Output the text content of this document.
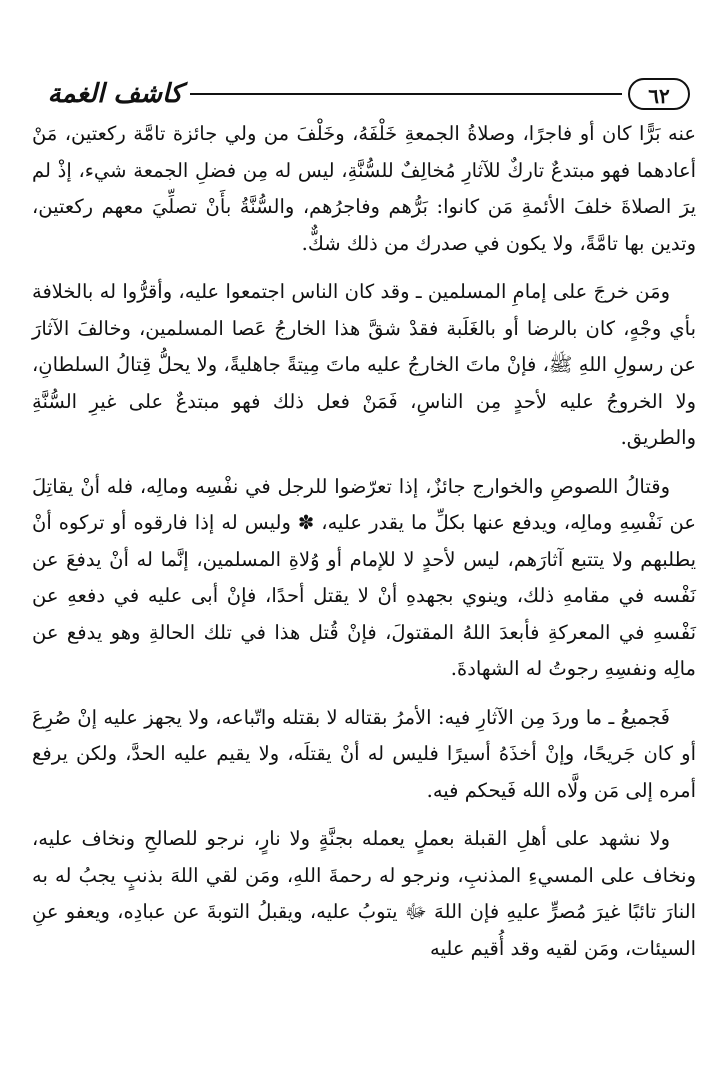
كاشف الغمة	٦٢

عنه بَرًّا كان أو فاجرًا، وصلاةُ الجمعةِ خَلْفَهُ، وخَلْفَ من ولي جائزة تامَّة ركعتين، مَنْ أعادهما فهو مبتدعٌ تاركٌ للآثارِ مُخالِفٌ للسُّنَّةِ، ليس له مِن فضلِ الجمعة شيء، إذْ لم يرَ الصلاةَ خلفَ الأئمةِ مَن كانوا: بَرُّهم وفاجرُهم، والسُّنَّةُ بأَنْ تصلِّيَ معهم ركعتين، وتدين بها تامَّةً، ولا يكون في صدرك من ذلك شكٌّ.

ومَن خرجَ على إمامِ المسلمين ـ وقد كان الناس اجتمعوا عليه، وأقرُّوا له بالخلافة بأي وجْهٍ، كان بالرضا أو بالغَلَبة فقدْ شقَّ هذا الخارجُ عَصا المسلمين، وخالفَ الآثارَ عن رسولِ اللهِ ﷺ، فإنْ ماتَ الخارجُ عليه ماتَ مِيتةً جاهليةً، ولا يحلُّ قِتالُ السلطانِ، ولا الخروجُ عليه لأحدٍ مِن الناسِ، فَمَنْ فعل ذلك فهو مبتدعٌ على غيرِ السُّنَّةِ والطريق.

وقتالُ اللصوصِ والخوارج جائزٌ، إذا تعرّضوا للرجل في نفْسِه ومالِه، فله أنْ يقاتِلَ عن نَفْسِهِ ومالِه، ويدفع عنها بكلِّ ما يقدر عليه، ✽ وليس له إذا فارقوه أو تركوه أنْ يطلبهم ولا يتتبع آثارَهم، ليس لأحدٍ لا للإمام أو وُلاةِ المسلمين، إنَّما له أنْ يدفعَ عن نَفْسه في مقامهِ ذلك، وينوي بجهدهِ أنْ لا يقتل أحدًا، فإنْ أبى عليه في دفعهِ عن نَفْسهِ في المعركةِ فأبعدَ اللهُ المقتولَ، فإنْ قُتل هذا في تلك الحالةِ وهو يدفع عن مالِه ونفسِهِ رجوتُ له الشهادةَ.

فَجميعُ ـ ما وردَ مِن الآثارِ فيه: الأمرُ بقتاله لا بقتله واتّباعه، ولا يجهز عليه إنْ صُرِعَ أو كان جَريحًا، وإنْ أخذَهُ أسيرًا فليس له أنْ يقتلَه، ولا يقيم عليه الحدَّ، ولكن يرفع أمره إلى مَن ولَّاه الله فَيحكم فيه.

ولا نشهد على أهلِ القبلة بعملٍ يعمله بجنَّةٍ ولا نارٍ، نرجو للصالحِ ونخاف عليه، ونخاف على المسيءِ المذنبِ، ونرجو له رحمةَ اللهِ، ومَن لقي اللهَ بذنبٍ يجبُ له به النارَ تائبًا غيرَ مُصرٍّ عليهِ فإن اللهَ ﷻ يتوبُ عليه، ويقبلُ التوبةَ عن عبادِه، ويعفو عنِ السيئات، ومَن لقيه وقد أُقيم عليه
